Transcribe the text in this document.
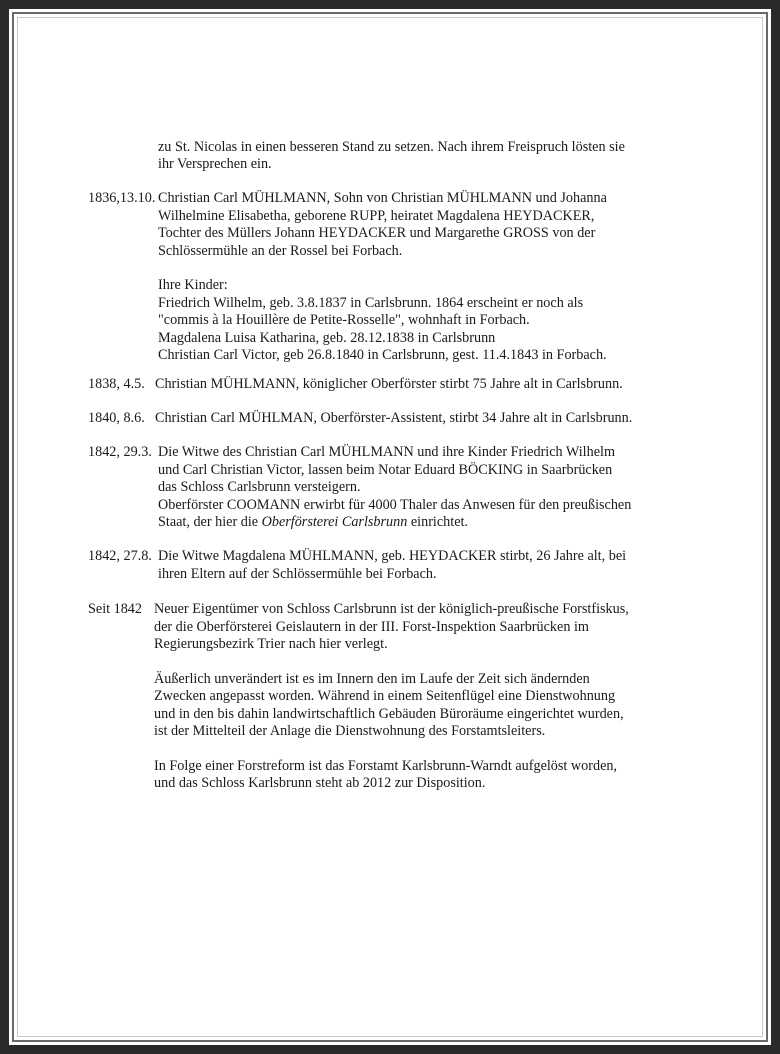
zu St. Nicolas in einen besseren Stand zu setzen. Nach ihrem Freispruch lösten sie
ihr Versprechen ein.
1836,13.10. Christian Carl MÜHLMANN, Sohn von Christian MÜHLMANN und Johanna

Wilhelmine Elisabetha, geborene RUPP, heiratet Magdalena HEYDACKER,

Tochter des Müllers Johann HEYDACKER und Margarethe GROSS von der

Schlössermühle an der Rossel bei Forbach.

Ihre Kinder:

Friedrich Wilhelm, geb. 3.8.1837 in Carlsbrunn. 1864 erscheint er noch als

"commis à la Houillère de Petite-Rosselle", wohnhaft in Forbach.

Magdalena Luisa Katharina, geb. 28.12.1838 in Carlsbrunn

Christian Carl Victor, geb 26.8.1840 in Carlsbrunn, gest. 11.4.1843 in Forbach.

1838, 4.5. Christian MÜHLMANN, königlicher Oberförster stirbt 75 Jahre alt in Carlsbrunn.

1840, 8.6. Christian Carl MÜHLMAN, Oberförster-Assistent, stirbt 34 Jahre alt in Carlsbrunn.

1842, 29.3. Die Witwe des Christian Carl MÜHLMANN und ihre Kinder Friedrich Wilhelm

und Carl Christian Victor, lassen beim Notar Eduard BÖCKING in Saarbrücken

das Schloss Carlsbrunn versteigern.

Oberförster COOMANN erwirbt für 4000 Thaler das Anwesen für den preußischen

Staat, der hier die Oberförsterei Carlsbrunn einrichtet.

1842, 27.8. Die Witwe Magdalena MÜHLMANN, geb. HEYDACKER stirbt, 26 Jahre alt, bei

ihren Eltern auf der Schlössermühle bei Forbach.

Seit 1842 Neuer Eigentümer von Schloss Carlsbrunn ist der königlich-preußische Forstfiskus,

der die Oberförsterei Geislautern in der III. Forst-Inspektion Saarbrücken im

Regierungsbezirk Trier nach hier verlegt.

Äußerlich unverändert ist es im Innern den im Laufe der Zeit sich ändernden

Zwecken angepasst worden. Während in einem Seitenflügel eine Dienstwohnung

und in den bis dahin landwirtschaftlich Gebäuden Büroräume eingerichtet wurden,

ist der Mittelteil der Anlage die Dienstwohnung des Forstamtsleiters.

In Folge einer Forstreform ist das Forstamt Karlsbrunn-Warndt aufgelöst worden,

und das Schloss Karlsbrunn steht ab 2012 zur Disposition.
